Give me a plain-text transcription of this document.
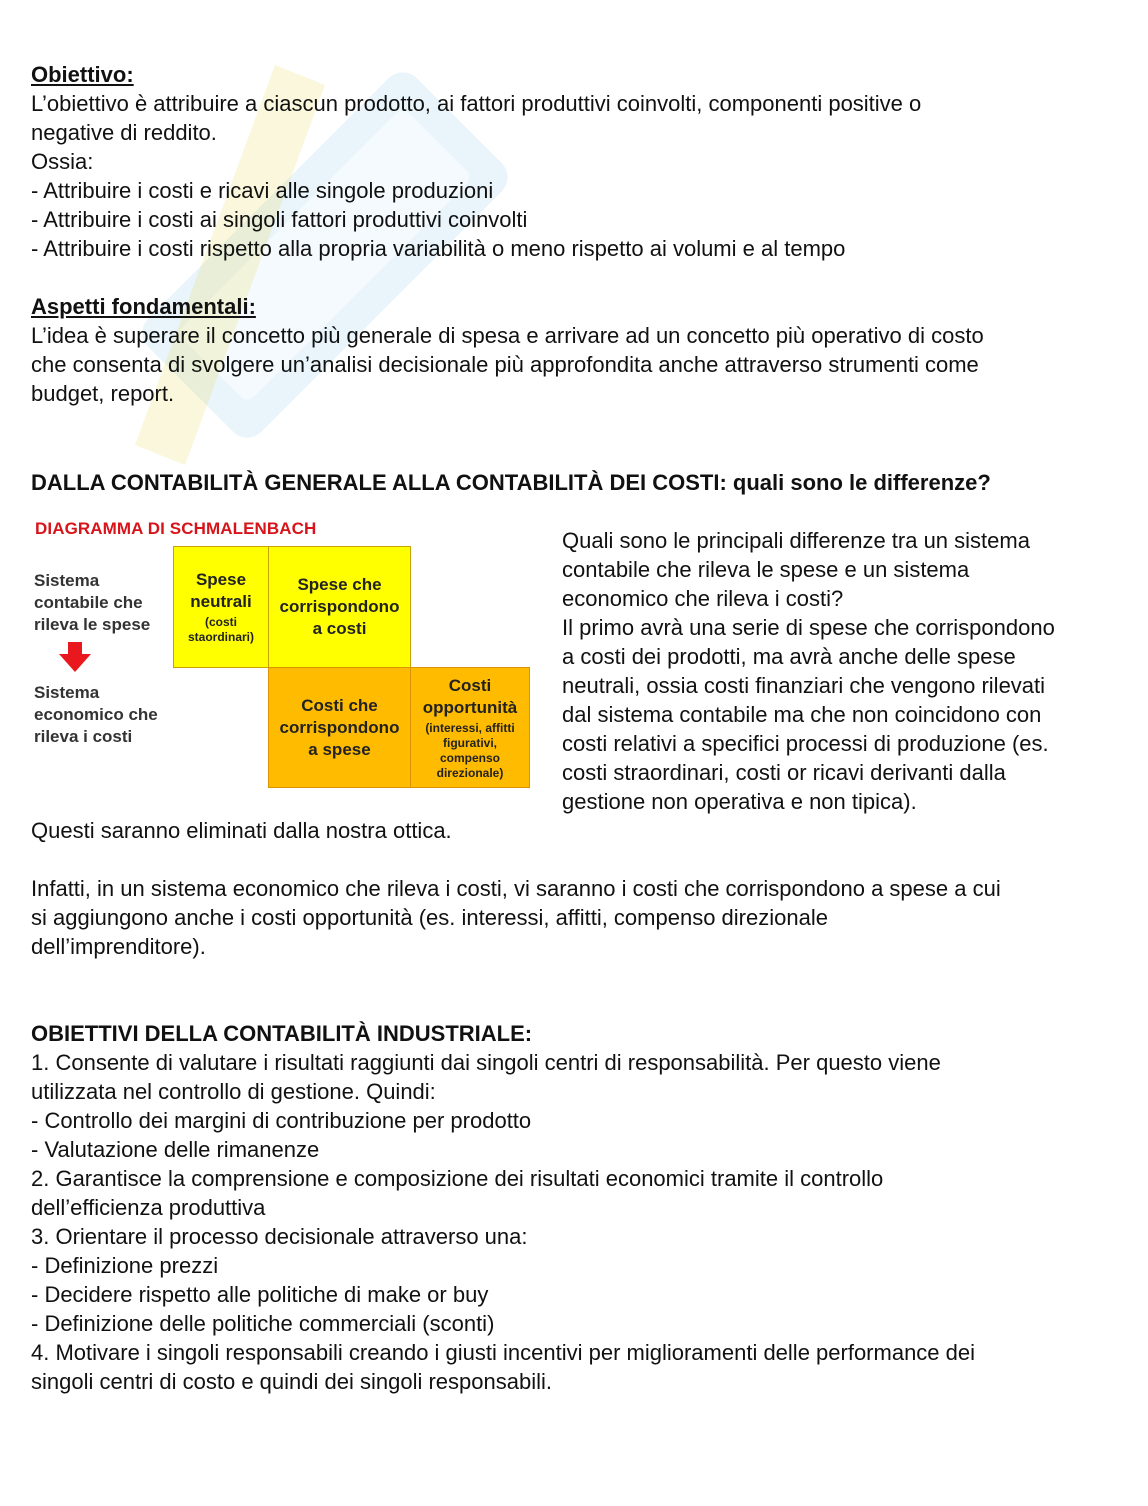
Obiettivo:

L’obiettivo è attribuire a ciascun prodotto, ai fattori produttivi coinvolti, componenti positive o

negative di reddito.

Ossia:

- Attribuire i costi e ricavi alle singole produzioni

- Attribuire i costi ai singoli fattori produttivi coinvolti

- Attribuire i costi rispetto alla propria variabilità o meno rispetto ai volumi e al tempo

Aspetti fondamentali:

L’idea è superare il concetto più generale di spesa e arrivare ad un concetto più operativo di costo

che consenta di svolgere un’analisi decisionale più approfondita anche attraverso strumenti come

budget, report.

DALLA CONTABILITÀ GENERALE ALLA CONTABILITÀ DEI COSTI: quali sono le differenze?

DIAGRAMMA DI SCHMALENBACH
Sistema
contabile che
rileva le spese
Sistema
economico che
rileva i costi
Spese
neutrali
(costi
staordinari)
Spese che
corrispondono
a costi
Costi che
corrispondono
a spese
Costi
opportunità
(interessi, affitti
figurativi,
compenso
direzionale)

Quali sono le principali differenze tra un sistema

contabile che rileva le spese e un sistema

economico che rileva i costi?

Il primo avrà una serie di spese che corrispondono

a costi dei prodotti, ma avrà anche delle spese

neutrali, ossia costi finanziari che vengono rilevati

dal sistema contabile ma che non coincidono con

costi relativi a specifici processi di produzione (es.

costi straordinari, costi or ricavi derivanti dalla

gestione non operativa e non tipica).

Questi saranno eliminati dalla nostra ottica.

Infatti, in un sistema economico che rileva i costi, vi saranno i costi che corrispondono a spese a cui

si aggiungono anche i costi opportunità (es. interessi, affitti, compenso direzionale

dell’imprenditore).

OBIETTIVI DELLA CONTABILITÀ INDUSTRIALE:

1. Consente di valutare i risultati raggiunti dai singoli centri di responsabilità. Per questo viene

utilizzata nel controllo di gestione. Quindi:

- Controllo dei margini di contribuzione per prodotto

- Valutazione delle rimanenze

2. Garantisce la comprensione e composizione dei risultati economici tramite il controllo

dell’efficienza produttiva

3. Orientare il processo decisionale attraverso una:

- Definizione prezzi

- Decidere rispetto alle politiche di make or buy

- Definizione delle politiche commerciali (sconti)

4. Motivare i singoli responsabili creando i giusti incentivi per miglioramenti delle performance dei

singoli centri di costo e quindi dei singoli responsabili.
